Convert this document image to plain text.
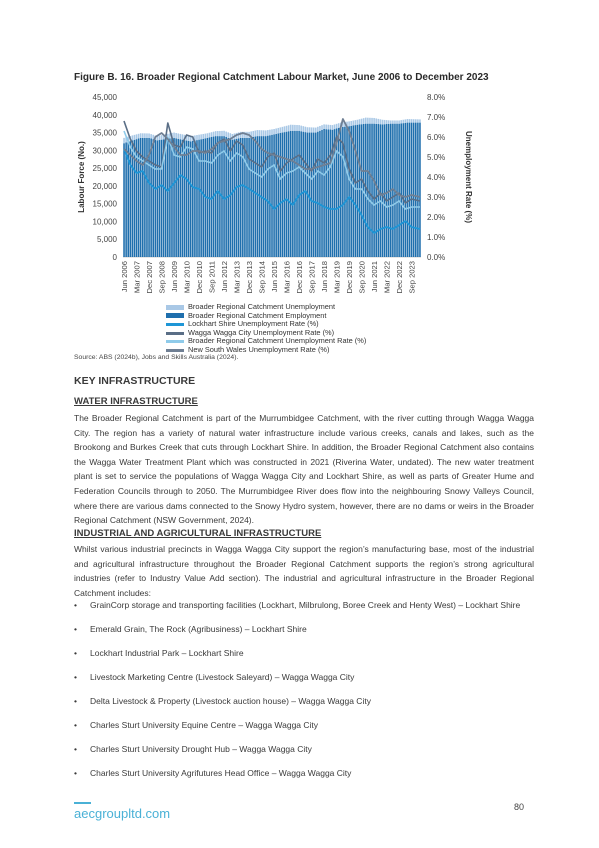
Figure B. 16. Broader Regional Catchment Labour Market, June 2006 to December 2023
0
5,000
10,000
15,000
20,000
25,000
30,000
35,000
40,000
45,000
0.0%
1.0%
2.0%
3.0%
4.0%
5.0%
6.0%
7.0%
8.0%
Jun 2006 Mar 2007 Dec 2007 Sep 2008 Jun 2009 Mar 2010 Dec 2010 Sep 2011 Jun 2012 Mar 2013 Dec 2013 Sep 2014 Jun 2015 Mar 2016 Dec 2016 Sep 2017 Jun 2018 Mar 2019 Dec 2019 Sep 2020 Jun 2021 Mar 2022 Dec 2022 Sep 2023
Labour Force (No.)	Unemployment Rate (%)
Broader Regional Catchment Unemployment
Broader Regional Catchment Employment
Lockhart Shire Unemployment Rate (%)
Wagga Wagga City Unemployment Rate (%)
Broader Regional Catchment Unemployment Rate (%)
New South Wales Unemployment Rate (%)
Source: ABS (2024b), Jobs and Skills Australia (2024).
KEY INFRASTRUCTURE
WATER INFRASTRUCTURE

The Broader Regional Catchment is part of the Murrumbidgee Catchment, with the river cutting through Wagga Wagga City. The region has a variety of natural water infrastructure include various creeks, canals and lakes, such as the Brookong and Burkes Creek that cuts through Lockhart Shire. In addition, the Broader Regional Catchment also contains the Wagga Water Treatment Plant which was constructed in 2021 (Riverina Water, undated). The new water treatment plant is set to service the populations of Wagga Wagga City and Lockhart Shire, as well as parts of Greater Hume and Federation Councils through to 2050. The Murrumbidgee River does flow into the neighbouring Snowy Valleys Council, where there are various dams connected to the Snowy Hydro system, however, there are no dams or weirs in the Broader Regional Catchment (NSW Government, 2024).

INDUSTRIAL AND AGRICULTURAL INFRASTRUCTURE

Whilst various industrial precincts in Wagga Wagga City support the region’s manufacturing base, most of the industrial and agricultural infrastructure throughout the Broader Regional Catchment supports the region’s strong agricultural industries (refer to Industry Value Add section). The industrial and agricultural infrastructure in the Broader Regional Catchment includes:

• GrainCorp storage and transporting facilities (Lockhart, Milbrulong, Boree Creek and Henty West) – Lockhart Shire
• Emerald Grain, The Rock (Agribusiness) – Lockhart Shire
• Lockhart Industrial Park – Lockhart Shire
• Livestock Marketing Centre (Livestock Saleyard) – Wagga Wagga City
• Delta Livestock & Property (Livestock auction house) – Wagga Wagga City
• Charles Sturt University Equine Centre – Wagga Wagga City
• Charles Sturt University Drought Hub – Wagga Wagga City
• Charles Sturt University Agrifutures Head Office – Wagga Wagga City
aecgroupltd.com	80
